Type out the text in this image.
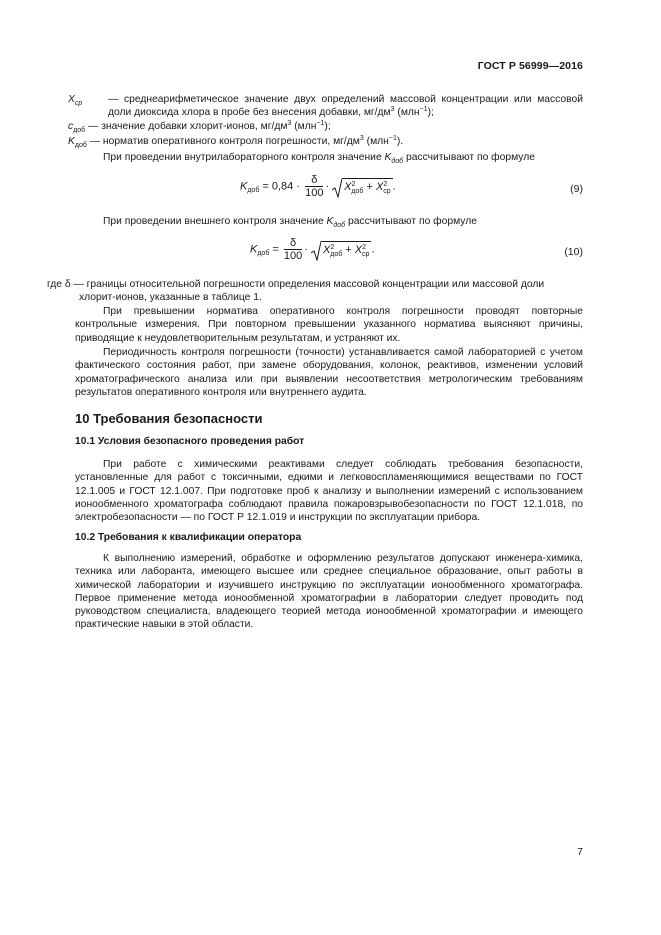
ГОСТ Р 56999—2016
$X_{ср}$ — среднеарифметическое значение двух определений массовой концентрации или массовой доли диоксида хлора в пробе без внесения добавки, $мг/дм^3$ (млн$^{-1}$);
$c_{доб}$ — значение добавки хлорит-ионов, $мг/дм^3$ (млн$^{-1}$);
$K_{доб}$ — норматив оперативного контроля погрешности, $мг/дм^3$ (млн$^{-1}$).
При проведении внутрилабораторного контроля значение $K_{доб}$ рассчитывают по формуле
$K_{доб} = 0,84 \cdot \frac{\delta}{100} \cdot X^2_{доб} + X^2_{ср}$ .	(9)
При проведении внешнего контроля значение $K_{доб}$ рассчитывают по формуле
$K_{доб} = \frac{\delta}{100} \cdot X^2_{доб} + X^2_{ср}$ .	(10)
где δ — границы относительной погрешности определения массовой концентрации или массовой доли
хлорит-ионов, указанные в таблице 1.
При превышении норматива оперативного контроля погрешности проводят повторные контрольные измерения. При повторном превышении указанного норматива выясняют причины, приводящие к неудовлетворительным результатам, и устраняют их.
Периодичность контроля погрешности (точности) устанавливается самой лабораторией с учетом фактического состояния работ, при замене оборудования, колонок, реактивов, изменении условий хроматографического анализа или при выявлении несоответствия метрологическим требованиям результатов оперативного контроля или внутреннего аудита.
10 Требования безопасности
10.1 Условия безопасного проведения работ
При работе с химическими реактивами следует соблюдать требования безопасности, установленные для работ с токсичными, едкими и легковоспламеняющимися веществами по ГОСТ 12.1.005 и ГОСТ 12.1.007. При подготовке проб к анализу и выполнении измерений с использованием ионообменного хроматографа соблюдают правила пожаровзрывобезопасности по ГОСТ 12.1.018, по электробезопасности — по ГОСТ Р 12.1.019 и инструкции по эксплуатации прибора.
10.2 Требования к квалификации оператора
К выполнению измерений, обработке и оформлению результатов допускают инженера-химика, техника или лаборанта, имеющего высшее или среднее специальное образование, опыт работы в химической лаборатории и изучившего инструкцию по эксплуатации ионообменного хроматографа. Первое применение метода ионообменной хроматографии в лаборатории следует проводить под руководством специалиста, владеющего теорией метода ионообменной хроматографии и имеющего практические навыки в этой области.
7
